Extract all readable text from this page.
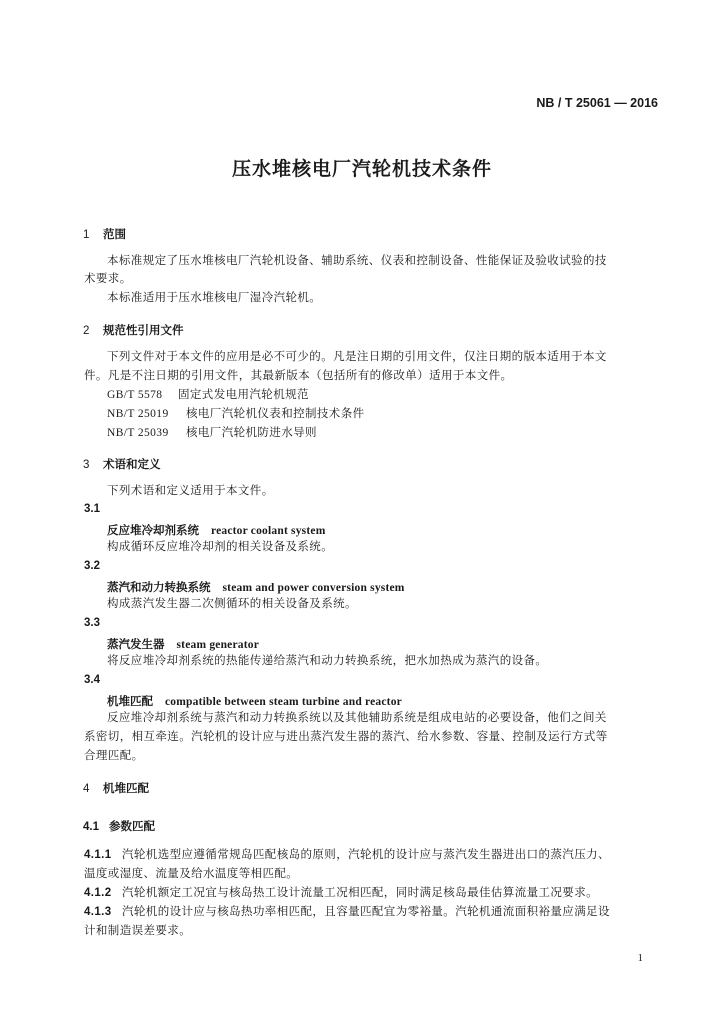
NB / T 25061 — 2016
压水堆核电厂汽轮机技术条件
1 范围
本标准规定了压水堆核电厂汽轮机设备、辅助系统、仪表和控制设备、性能保证及验收试验的技
术要求。
本标准适用于压水堆核电厂湿冷汽轮机。
2 规范性引用文件
下列文件对于本文件的应用是必不可少的。凡是注日期的引用文件，仅注日期的版本适用于本文
件。凡是不注日期的引用文件，其最新版本（包括所有的修改单）适用于本文件。
GB/T 5578 固定式发电用汽轮机规范
NB/T 25019 核电厂汽轮机仪表和控制技术条件
NB/T 25039 核电厂汽轮机防进水导则
3 术语和定义
下列术语和定义适用于本文件。
3.1
反应堆冷却剂系统 reactor coolant system
构成循环反应堆冷却剂的相关设备及系统。
3.2
蒸汽和动力转换系统 steam and power conversion system
构成蒸汽发生器二次侧循环的相关设备及系统。
3.3
蒸汽发生器 steam generator
将反应堆冷却剂系统的热能传递给蒸汽和动力转换系统，把水加热成为蒸汽的设备。
3.4
机堆匹配 compatible between steam turbine and reactor
反应堆冷却剂系统与蒸汽和动力转换系统以及其他辅助系统是组成电站的必要设备，他们之间关
系密切，相互牵连。汽轮机的设计应与进出蒸汽发生器的蒸汽、给水参数、容量、控制及运行方式等
合理匹配。
4 机堆匹配
4.1 参数匹配
4.1.1 汽轮机选型应遵循常规岛匹配核岛的原则，汽轮机的设计应与蒸汽发生器进出口的蒸汽压力、
温度或湿度、流量及给水温度等相匹配。
4.1.2 汽轮机额定工况宜与核岛热工设计流量工况相匹配，同时满足核岛最佳估算流量工况要求。
4.1.3 汽轮机的设计应与核岛热功率相匹配，且容量匹配宜为零裕量。汽轮机通流面积裕量应满足设
计和制造误差要求。
1
